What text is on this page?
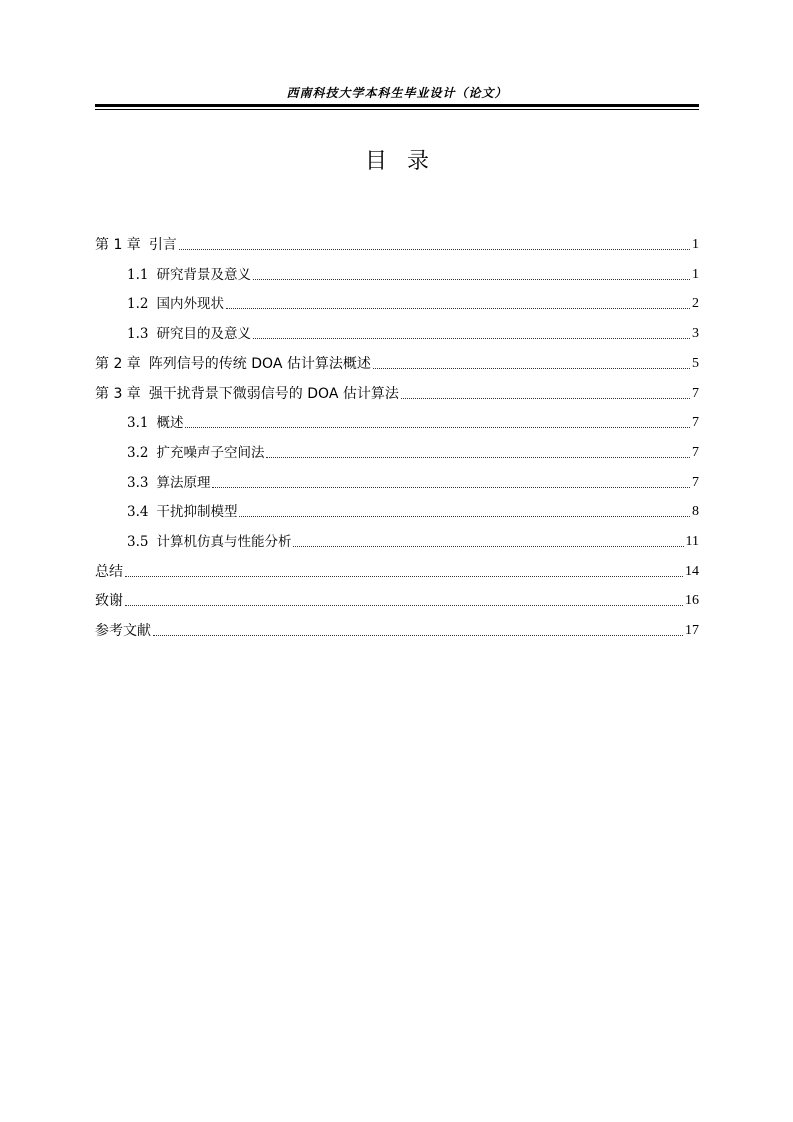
西南科技大学本科生毕业设计（论文）
目录
第 1 章 引言	1
1.1 研究背景及意义	1
1.2 国内外现状	2
1.3 研究目的及意义	3
第 2 章 阵列信号的传统 DOA 估计算法概述	5
第 3 章 强干扰背景下微弱信号的 DOA 估计算法	7
3.1 概述	7
3.2 扩充噪声子空间法	7
3.3 算法原理	7
3.4 干扰抑制模型	8
3.5 计算机仿真与性能分析	11
总结	14
致谢	16
参考文献	17
